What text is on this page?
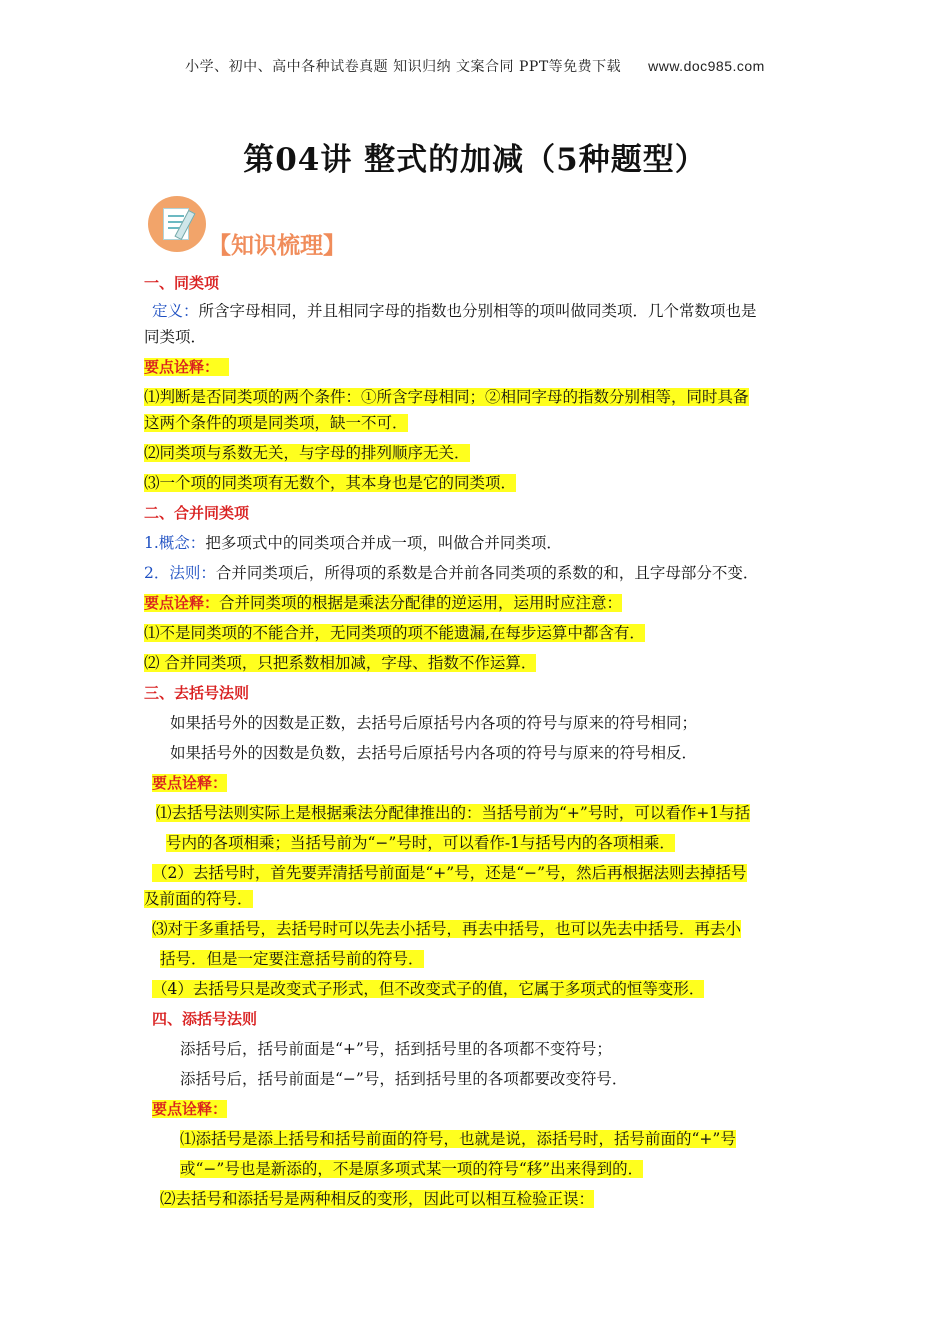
小学、初中、高中各种试卷真题 知识归纳 文案合同 PPT等免费下载 www.doc985.com
第04讲 整式的加减（5种题型）
【知识梳理】

一、同类项

定义：所含字母相同，并且相同字母的指数也分别相等的项叫做同类项．几个常数项也是

同类项．

要点诠释：

⑴判断是否同类项的两个条件：①所含字母相同；②相同字母的指数分别相等，同时具备

这两个条件的项是同类项，缺一不可．

⑵同类项与系数无关，与字母的排列顺序无关．

⑶一个项的同类项有无数个，其本身也是它的同类项．

二、合并同类项

1.概念：把多项式中的同类项合并成一项，叫做合并同类项．

2．法则：合并同类项后，所得项的系数是合并前各同类项的系数的和，且字母部分不变．

要点诠释：合并同类项的根据是乘法分配律的逆运用，运用时应注意：

⑴不是同类项的不能合并，无同类项的项不能遗漏,在每步运算中都含有．

⑵ 合并同类项，只把系数相加减，字母、指数不作运算．

三、去括号法则

如果括号外的因数是正数，去括号后原括号内各项的符号与原来的符号相同；

如果括号外的因数是负数，去括号后原括号内各项的符号与原来的符号相反．

要点诠释：

⑴去括号法则实际上是根据乘法分配律推出的：当括号前为“+”号时，可以看作+1与括

号内的各项相乘；当括号前为“−”号时，可以看作-1与括号内的各项相乘．

（2）去括号时，首先要弄清括号前面是“+”号，还是“−”号，然后再根据法则去掉括号

及前面的符号．

⑶对于多重括号，去括号时可以先去小括号，再去中括号，也可以先去中括号．再去小

括号．但是一定要注意括号前的符号．

（4）去括号只是改变式子形式，但不改变式子的值，它属于多项式的恒等变形．

四、添括号法则

添括号后，括号前面是“+”号，括到括号里的各项都不变符号；

添括号后，括号前面是“−”号，括到括号里的各项都要改变符号．

要点诠释：

⑴添括号是添上括号和括号前面的符号，也就是说，添括号时，括号前面的“+”号

或“−”号也是新添的，不是原多项式某一项的符号“移”出来得到的．

⑵去括号和添括号是两种相反的变形，因此可以相互检验正误：
